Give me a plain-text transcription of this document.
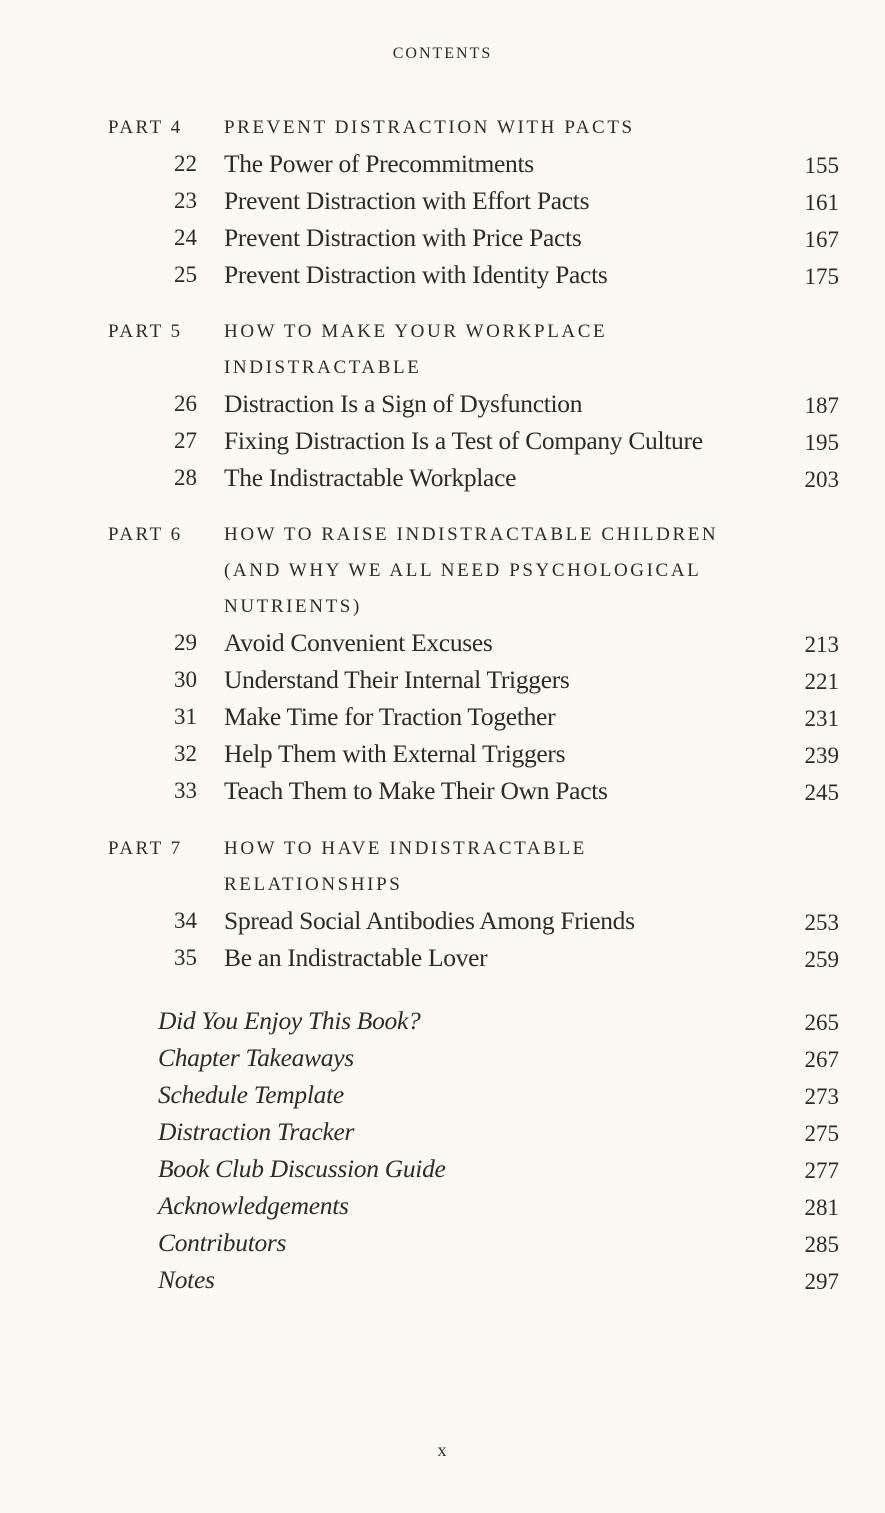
CONTENTS
PART 4	PREVENT DISTRACTION WITH PACTS
22 The Power of Precommitments	155
23 Prevent Distraction with Effort Pacts	161
24 Prevent Distraction with Price Pacts	167
25 Prevent Distraction with Identity Pacts	175
PART 5	HOW TO MAKE YOUR WORKPLACE
INDISTRACTABLE
26 Distraction Is a Sign of Dysfunction	187
27 Fixing Distraction Is a Test of Company Culture	195
28 The Indistractable Workplace	203
PART 6	HOW TO RAISE INDISTRACTABLE CHILDREN
(AND WHY WE ALL NEED PSYCHOLOGICAL
NUTRIENTS)
29 Avoid Convenient Excuses	213
30 Understand Their Internal Triggers	221
31 Make Time for Traction Together	231
32 Help Them with External Triggers	239
33 Teach Them to Make Their Own Pacts	245
PART 7	HOW TO HAVE INDISTRACTABLE
RELATIONSHIPS
34 Spread Social Antibodies Among Friends	253
35 Be an Indistractable Lover	259
Did You Enjoy This Book?	265
Chapter Takeaways	267
Schedule Template	273
Distraction Tracker	275
Book Club Discussion Guide	277
Acknowledgements	281
Contributors	285
Notes	297
x
